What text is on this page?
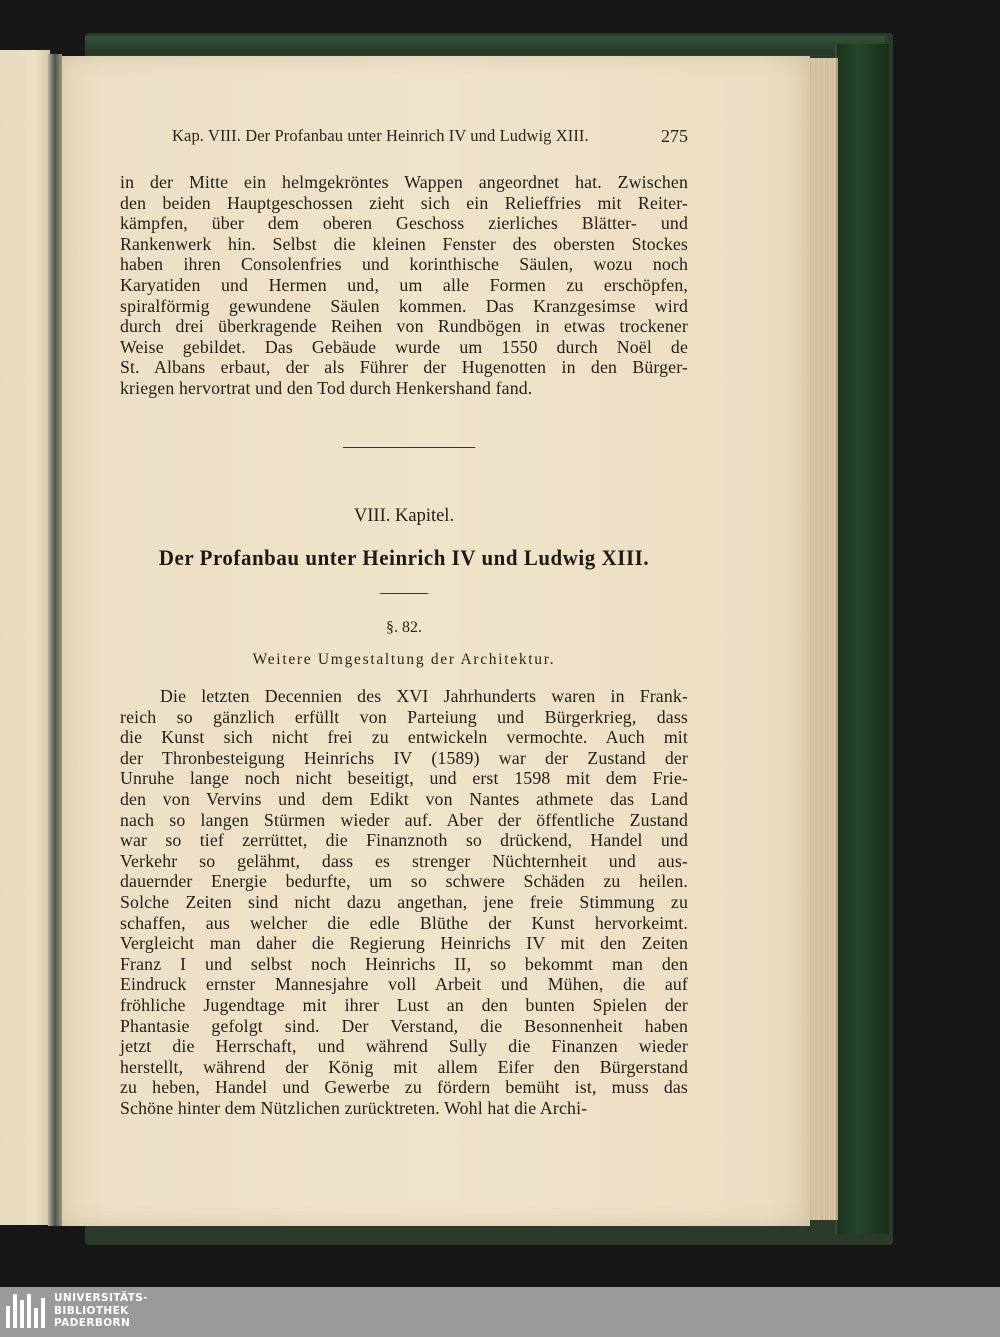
Kap. VIII. Der Profanbau unter Heinrich IV und Ludwig XIII.	275

in der Mitte ein helmgekröntes Wappen angeordnet hat. Zwischen
den beiden Hauptgeschossen zieht sich ein Relieffries mit Reiter-
kämpfen, über dem oberen Geschoss zierliches Blätter- und
Rankenwerk hin. Selbst die kleinen Fenster des obersten Stockes
haben ihren Consolenfries und korinthische Säulen, wozu noch
Karyatiden und Hermen und, um alle Formen zu erschöpfen,
spiralförmig gewundene Säulen kommen. Das Kranzgesimse wird
durch drei überkragende Reihen von Rundbögen in etwas trockener
Weise gebildet. Das Gebäude wurde um 1550 durch Noël de
St. Albans erbaut, der als Führer der Hugenotten in den Bürger-
kriegen hervortrat und den Tod durch Henkershand fand.

VIII. Kapitel.
Der Profanbau unter Heinrich IV und Ludwig XIII.
§. 82.
Weitere Umgestaltung der Architektur.

Die letzten Decennien des XVI Jahrhunderts waren in Frank-
reich so gänzlich erfüllt von Parteiung und Bürgerkrieg, dass
die Kunst sich nicht frei zu entwickeln vermochte. Auch mit
der Thronbesteigung Heinrichs IV (1589) war der Zustand der
Unruhe lange noch nicht beseitigt, und erst 1598 mit dem Frie-
den von Vervins und dem Edikt von Nantes athmete das Land
nach so langen Stürmen wieder auf. Aber der öffentliche Zustand
war so tief zerrüttet, die Finanznoth so drückend, Handel und
Verkehr so gelähmt, dass es strenger Nüchternheit und aus-
dauernder Energie bedurfte, um so schwere Schäden zu heilen.
Solche Zeiten sind nicht dazu angethan, jene freie Stimmung zu
schaffen, aus welcher die edle Blüthe der Kunst hervorkeimt.
Vergleicht man daher die Regierung Heinrichs IV mit den Zeiten
Franz I und selbst noch Heinrichs II, so bekommt man den
Eindruck ernster Mannesjahre voll Arbeit und Mühen, die auf
fröhliche Jugendtage mit ihrer Lust an den bunten Spielen der
Phantasie gefolgt sind. Der Verstand, die Besonnenheit haben
jetzt die Herrschaft, und während Sully die Finanzen wieder
herstellt, während der König mit allem Eifer den Bürgerstand
zu heben, Handel und Gewerbe zu fördern bemüht ist, muss das
Schöne hinter dem Nützlichen zurücktreten. Wohl hat die Archi-

UNIVERSITÄTS-
BIBLIOTHEK
PADERBORN
